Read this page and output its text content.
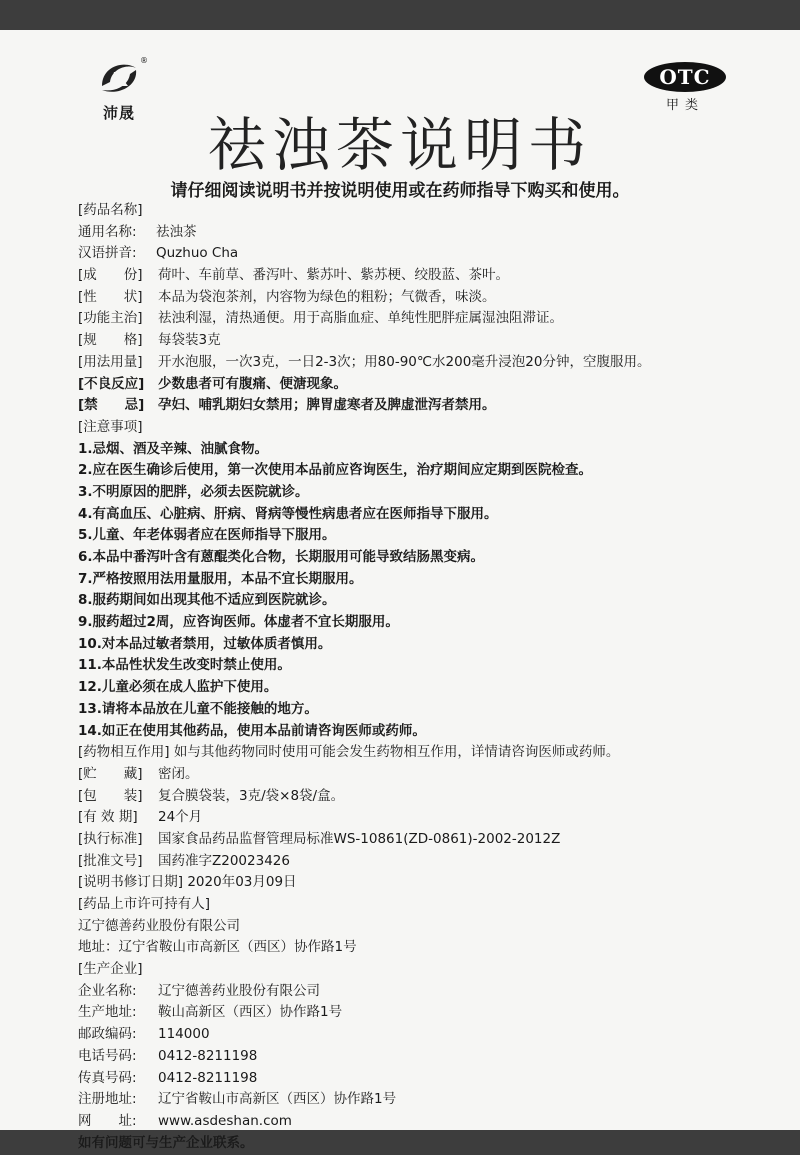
®
沛晟
OTC
甲类
祛浊茶说明书
请仔细阅读说明书并按说明使用或在药师指导下购买和使用。
[药品名称]
通用名称: 祛浊茶
汉语拼音: Quzhuo Cha
[成　　份] 荷叶、车前草、番泻叶、紫苏叶、紫苏梗、绞股蓝、茶叶。
[性　　状] 本品为袋泡茶剂，内容物为绿色的粗粉；气微香，味淡。
[功能主治] 祛浊利湿，清热通便。用于高脂血症、单纯性肥胖症属湿浊阻滞证。
[规　　格] 每袋装3克
[用法用量] 开水泡服，一次3克，一日2-3次；用80-90℃水200毫升浸泡20分钟，空腹服用。
[不良反应] 少数患者可有腹痛、便溏现象。
[禁　　忌] 孕妇、哺乳期妇女禁用；脾胃虚寒者及脾虚泄泻者禁用。
[注意事项]
1.忌烟、酒及辛辣、油腻食物。
2.应在医生确诊后使用，第一次使用本品前应咨询医生，治疗期间应定期到医院检查。
3.不明原因的肥胖，必须去医院就诊。
4.有高血压、心脏病、肝病、肾病等慢性病患者应在医师指导下服用。
5.儿童、年老体弱者应在医师指导下服用。
6.本品中番泻叶含有蒽醌类化合物，长期服用可能导致结肠黑变病。
7.严格按照用法用量服用，本品不宜长期服用。
8.服药期间如出现其他不适应到医院就诊。
9.服药超过2周，应咨询医师。体虚者不宜长期服用。
10.对本品过敏者禁用，过敏体质者慎用。
11.本品性状发生改变时禁止使用。
12.儿童必须在成人监护下使用。
13.请将本品放在儿童不能接触的地方。
14.如正在使用其他药品，使用本品前请咨询医师或药师。
[药物相互作用] 如与其他药物同时使用可能会发生药物相互作用，详情请咨询医师或药师。
[贮　　藏] 密闭。
[包　　装] 复合膜袋装，3克/袋×8袋/盒。
[有 效 期] 24个月
[执行标准] 国家食品药品监督管理局标准WS-10861(ZD-0861)-2002-2012Z
[批准文号] 国药准字Z20023426
[说明书修订日期] 2020年03月09日
[药品上市许可持有人]
辽宁德善药业股份有限公司
地址：辽宁省鞍山市高新区（西区）协作路1号
[生产企业]
企业名称: 辽宁德善药业股份有限公司
生产地址: 鞍山高新区（西区）协作路1号
邮政编码: 114000
电话号码: 0412-8211198
传真号码: 0412-8211198
注册地址: 辽宁省鞍山市高新区（西区）协作路1号
网　　址: www.asdeshan.com
如有问题可与生产企业联系。
